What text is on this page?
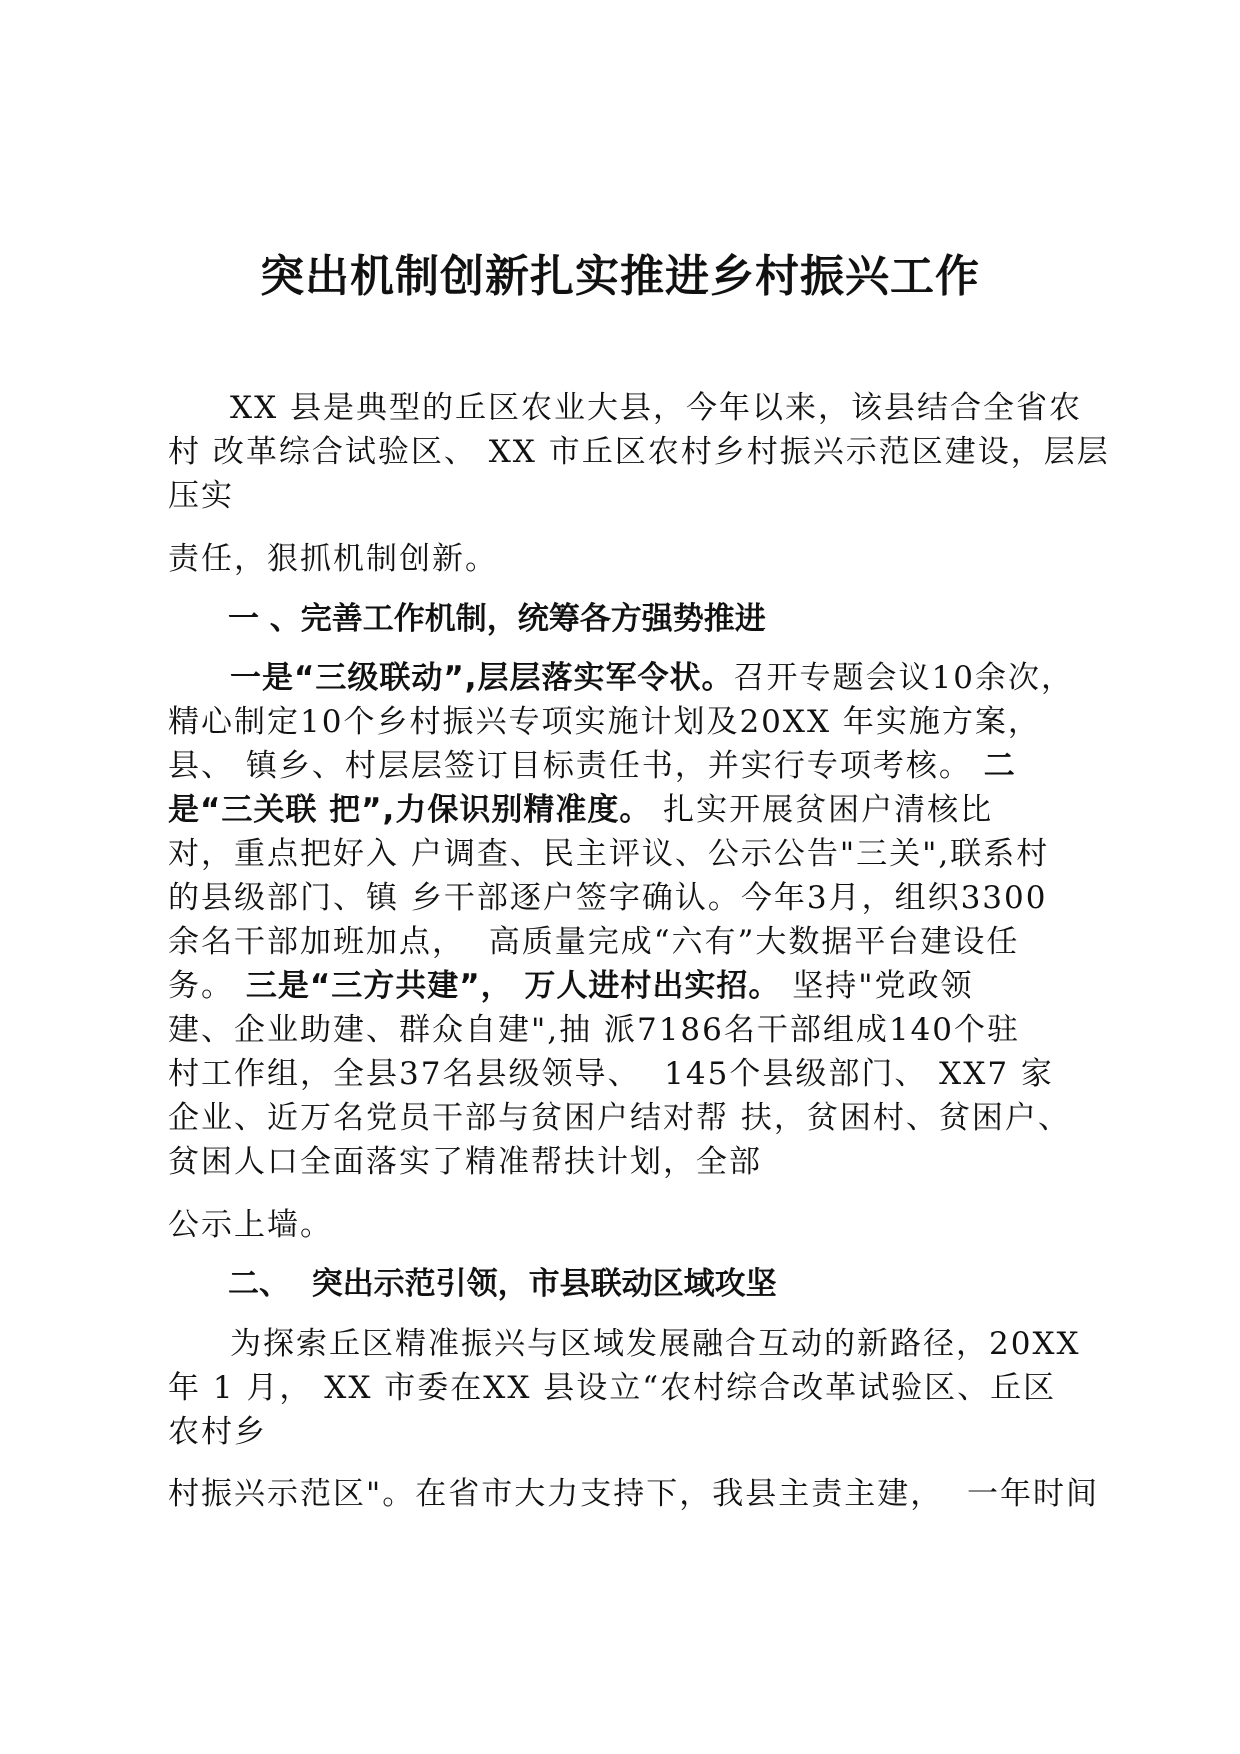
突出机制创新扎实推进乡村振兴工作
XX 县是典型的丘区农业大县，今年以来，该县结合全省农
村 改革综合试验区、 XX 市丘区农村乡村振兴示范区建设，层层
压实
责任，狠抓机制创新。
一 、完善工作机制，统筹各方强势推进
一是“三级联动”,层层落实军令状。召开专题会议10余次，
精心制定10个乡村振兴专项实施计划及20XX 年实施方案，
县、 镇乡、村层层签订目标责任书，并实行专项考核。 二
是“三关联 把”,力保识别精准度。 扎实开展贫困户清核比
对，重点把好入 户调查、民主评议、公示公告"三关",联系村
的县级部门、镇 乡干部逐户签字确认。今年3月，组织3300
余名干部加班加点，  高质量完成“六有”大数据平台建设任
务。 三是“三方共建”， 万人进村出实招。 坚持"党政领
建、企业助建、群众自建",抽 派7186名干部组成140个驻
村工作组，全县37名县级领导、  145个县级部门、 XX7 家
企业、近万名党员干部与贫困户结对帮 扶，贫困村、贫困户、
贫困人口全面落实了精准帮扶计划，全部
公示上墙。
二、  突出示范引领，市县联动区域攻坚
为探索丘区精准振兴与区域发展融合互动的新路径，20XX
年 1 月， XX 市委在XX 县设立“农村综合改革试验区、丘区
农村乡
村振兴示范区"。在省市大力支持下，我县主责主建，  一年时间
